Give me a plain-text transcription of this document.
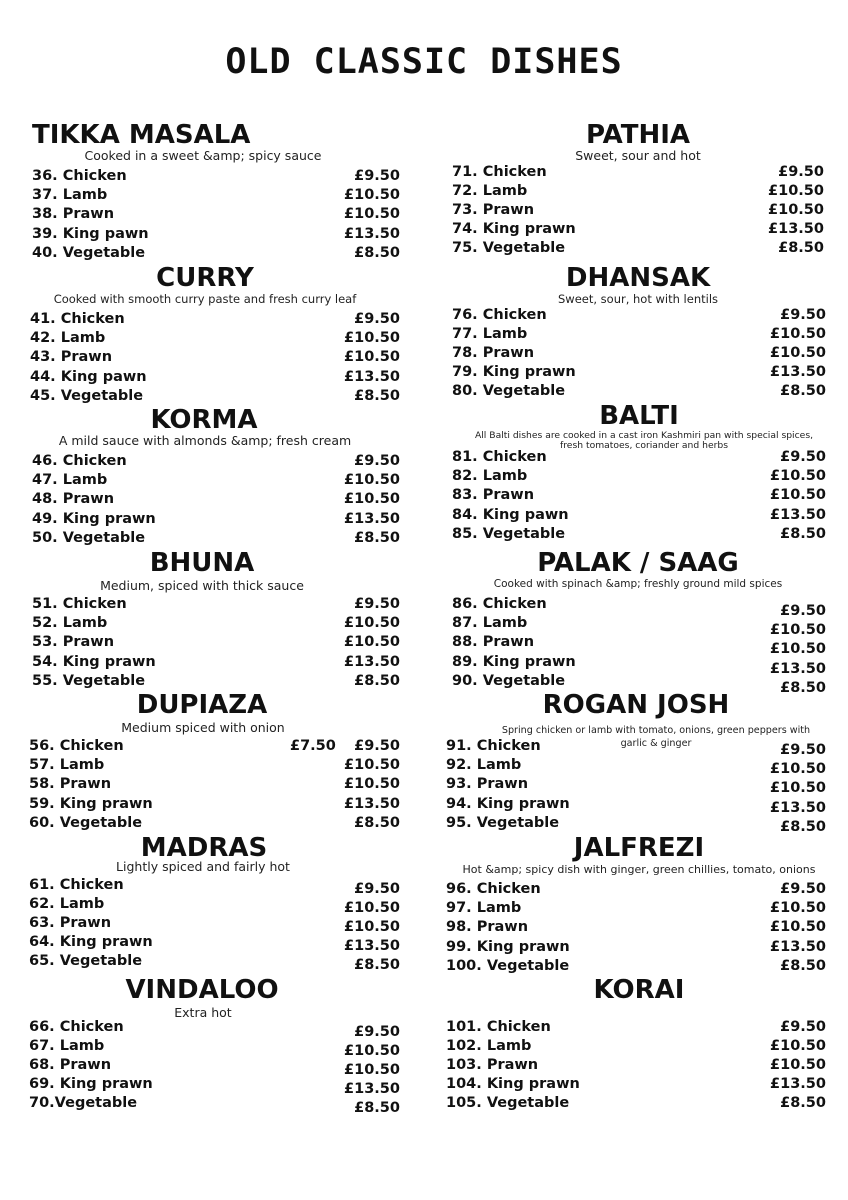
OLD CLASSIC DISHES
TIKKA MASALA
Cooked in a sweet &amp; spicy sauce
36. Chicken	£9.50
37. Lamb	£10.50
38. Prawn	£10.50
39. King pawn	£13.50
40. Vegetable	£8.50
CURRY
Cooked with smooth curry paste and fresh curry leaf
41. Chicken	£9.50
42. Lamb	£10.50
43. Prawn	£10.50
44. King pawn	£13.50
45. Vegetable	£8.50
KORMA
A mild sauce with almonds &amp; fresh cream
46. Chicken	£9.50
47. Lamb	£10.50
48. Prawn	£10.50
49. King prawn	£13.50
50. Vegetable	£8.50
BHUNA
Medium, spiced with thick sauce
51. Chicken	£9.50
52. Lamb	£10.50
53. Prawn	£10.50
54. King prawn	£13.50
55. Vegetable	£8.50
DUPIAZA
Medium spiced with onion
56. Chicken	£7.50 £9.50
57. Lamb	£10.50
58. Prawn	£10.50
59. King prawn	£13.50
60. Vegetable	£8.50
MADRAS
Lightly spiced and fairly hot
61. Chicken	£9.50
62. Lamb	£10.50
63. Prawn	£10.50
64. King prawn	£13.50
65. Vegetable	£8.50
VINDALOO
Extra hot
66. Chicken	£9.50
67. Lamb	£10.50
68. Prawn	£10.50
69. King prawn	£13.50
70.Vegetable	£8.50
PATHIA
Sweet, sour and hot
71. Chicken	£9.50
72. Lamb	£10.50
73. Prawn	£10.50
74. King prawn	£13.50
75. Vegetable	£8.50
DHANSAK
Sweet, sour, hot with lentils
76. Chicken	£9.50
77. Lamb	£10.50
78. Prawn	£10.50
79. King prawn	£13.50
80. Vegetable	£8.50
BALTI
All Balti dishes are cooked in a cast iron Kashmiri pan with special spices, fresh tomatoes, coriander and herbs
81. Chicken	£9.50
82. Lamb	£10.50
83. Prawn	£10.50
84. King pawn	£13.50
85. Vegetable	£8.50
PALAK / SAAG
Cooked with spinach &amp; freshly ground mild spices
86. Chicken	£9.50
87. Lamb	£10.50
88. Prawn	£10.50
89. King prawn	£13.50
90. Vegetable	£8.50
ROGAN JOSH
Spring chicken or lamb with tomato, onions, green peppers with garlic & ginger
91. Chicken	£9.50
92. Lamb	£10.50
93. Prawn	£10.50
94. King prawn	£13.50
95. Vegetable	£8.50
JALFREZI
Hot &amp; spicy dish with ginger, green chillies, tomato, onions
96. Chicken	£9.50
97. Lamb	£10.50
98. Prawn	£10.50
99. King prawn	£13.50
100. Vegetable	£8.50
KORAI
101. Chicken	£9.50
102. Lamb	£10.50
103. Prawn	£10.50
104. King prawn	£13.50
105. Vegetable	£8.50
